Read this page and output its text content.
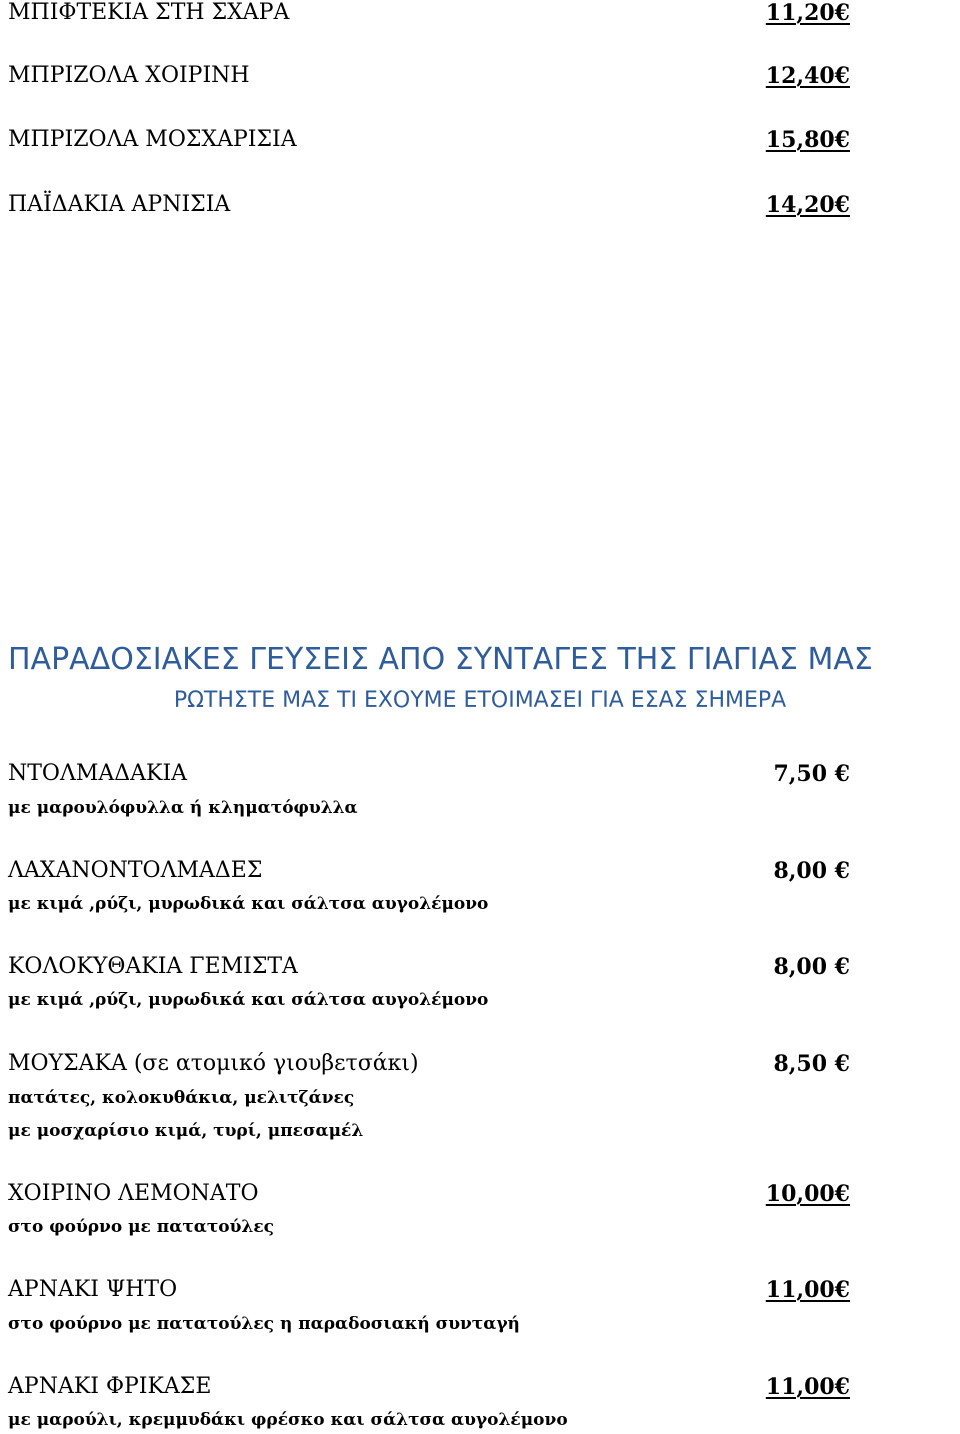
ΜΠΙΦΤΕΚΙΑ ΣΤΗ ΣΧΑΡΑ	11,20€
ΜΠΡΙΖΟΛΑ ΧΟΙΡΙΝΗ	12,40€
ΜΠΡΙΖΟΛΑ ΜΟΣΧΑΡΙΣΙΑ	15,80€
ΠΑΪΔΑΚΙΑ ΑΡΝΙΣΙΑ	14,20€
ΠΑΡΑΔΟΣΙΑΚΕΣ ΓΕΥΣΕΙΣ ΑΠΟ ΣΥΝΤΑΓΕΣ ΤΗΣ ΓΙΑΓΙΑΣ ΜΑΣ
ΡΩΤΗΣΤΕ ΜΑΣ ΤΙ ΕΧΟΥΜΕ ΕΤΟΙΜΑΣΕΙ ΓΙΑ ΕΣΑΣ ΣΗΜΕΡΑ
ΝΤΟΛΜΑΔΑΚΙΑ	7,50 €
με μαρουλόφυλλα ή κληματόφυλλα
ΛΑΧΑΝΟΝΤΟΛΜΑΔΕΣ	8,00 €
με κιμά ,ρύζι, μυρωδικά και σάλτσα αυγολέμονο
ΚΟΛΟΚΥΘΑΚΙΑ ΓΕΜΙΣΤΑ	8,00 €
με κιμά ,ρύζι, μυρωδικά και σάλτσα αυγολέμονο
ΜΟΥΣΑΚΑ (σε ατομικό γιουβετσάκι)	8,50 €
πατάτες, κολοκυθάκια, μελιτζάνες
με μοσχαρίσιο κιμά, τυρί, μπεσαμέλ
ΧΟΙΡΙΝΟ ΛΕΜΟΝΑΤΟ	10,00€
στο φούρνο με πατατούλες
ΑΡΝΑΚΙ ΨΗΤΟ	11,00€
στο φούρνο με πατατούλες η παραδοσιακή συνταγή
ΑΡΝΑΚΙ ΦΡΙΚΑΣΕ	11,00€
με μαρούλι, κρεμμυδάκι φρέσκο και σάλτσα αυγολέμονο
